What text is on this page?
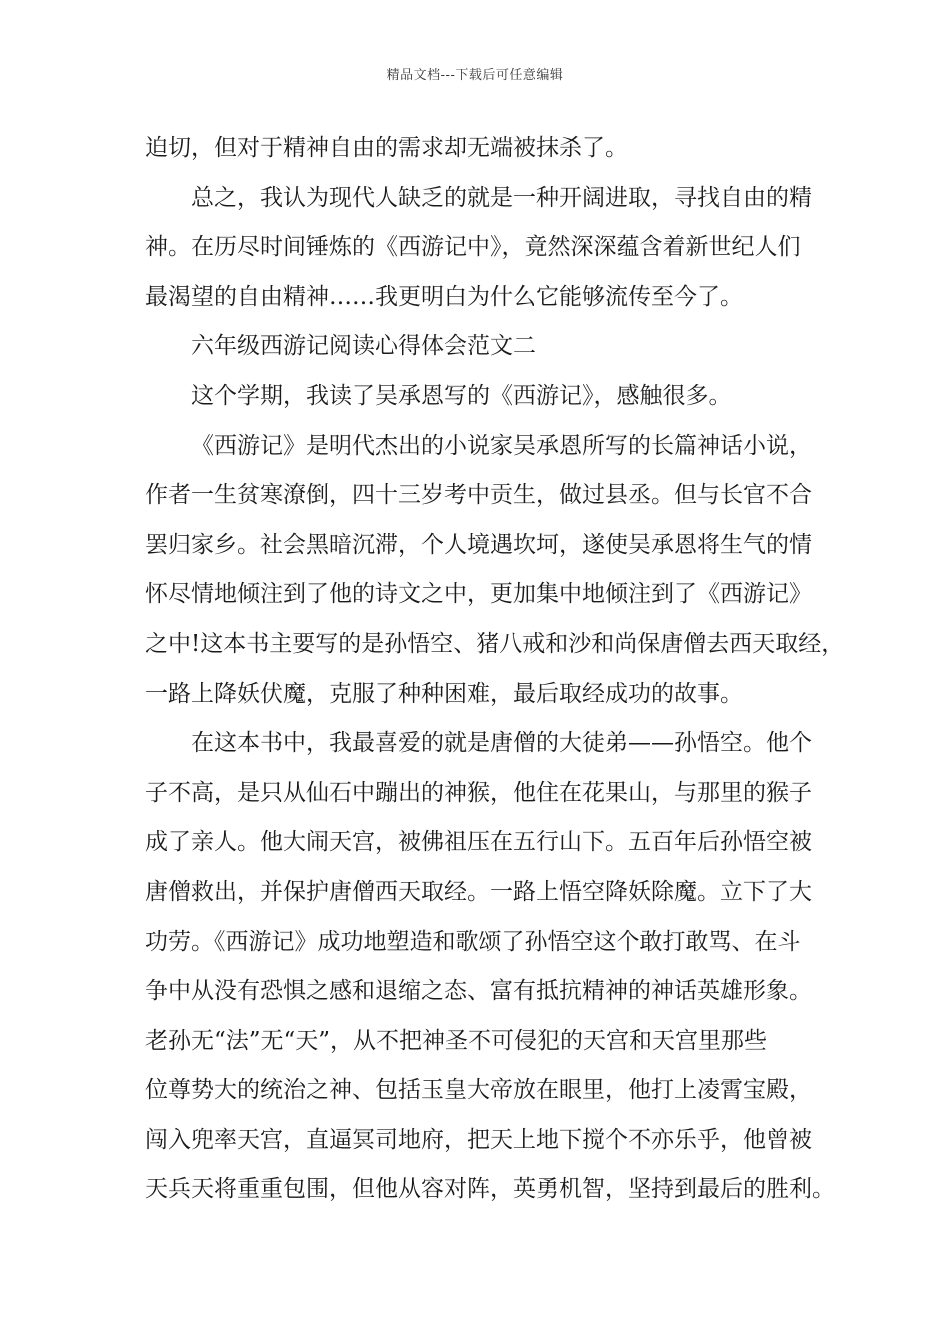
精品文档---下载后可任意编辑
迫切，但对于精神自由的需求却无端被抹杀了。
总之，我认为现代人缺乏的就是一种开阔进取，寻找自由的精
神。在历尽时间锤炼的《西游记中》，竟然深深蕴含着新世纪人们
最渴望的自由精神……我更明白为什么它能够流传至今了。
六年级西游记阅读心得体会范文二
这个学期，我读了吴承恩写的《西游记》，感触很多。
《西游记》是明代杰出的小说家吴承恩所写的长篇神话小说，
作者一生贫寒潦倒，四十三岁考中贡生，做过县丞。但与长官不合
罢归家乡。社会黑暗沉滞，个人境遇坎坷，遂使吴承恩将生气的情
怀尽情地倾注到了他的诗文之中，更加集中地倾注到了《西游记》
之中!这本书主要写的是孙悟空、猪八戒和沙和尚保唐僧去西天取经，
一路上降妖伏魔，克服了种种困难，最后取经成功的故事。
在这本书中，我最喜爱的就是唐僧的大徒弟——孙悟空。他个
子不高，是只从仙石中蹦出的神猴，他住在花果山，与那里的猴子
成了亲人。他大闹天宫，被佛祖压在五行山下。五百年后孙悟空被
唐僧救出，并保护唐僧西天取经。一路上悟空降妖除魔。立下了大
功劳。《西游记》成功地塑造和歌颂了孙悟空这个敢打敢骂、在斗
争中从没有恐惧之感和退缩之态、富有抵抗精神的神话英雄形象。
老孙无“法”无“天”，从不把神圣不可侵犯的天宫和天宫里那些
位尊势大的统治之神、包括玉皇大帝放在眼里，他打上凌霄宝殿，
闯入兜率天宫，直逼冥司地府，把天上地下搅个不亦乐乎，他曾被
天兵天将重重包围，但他从容对阵，英勇机智，坚持到最后的胜利。
